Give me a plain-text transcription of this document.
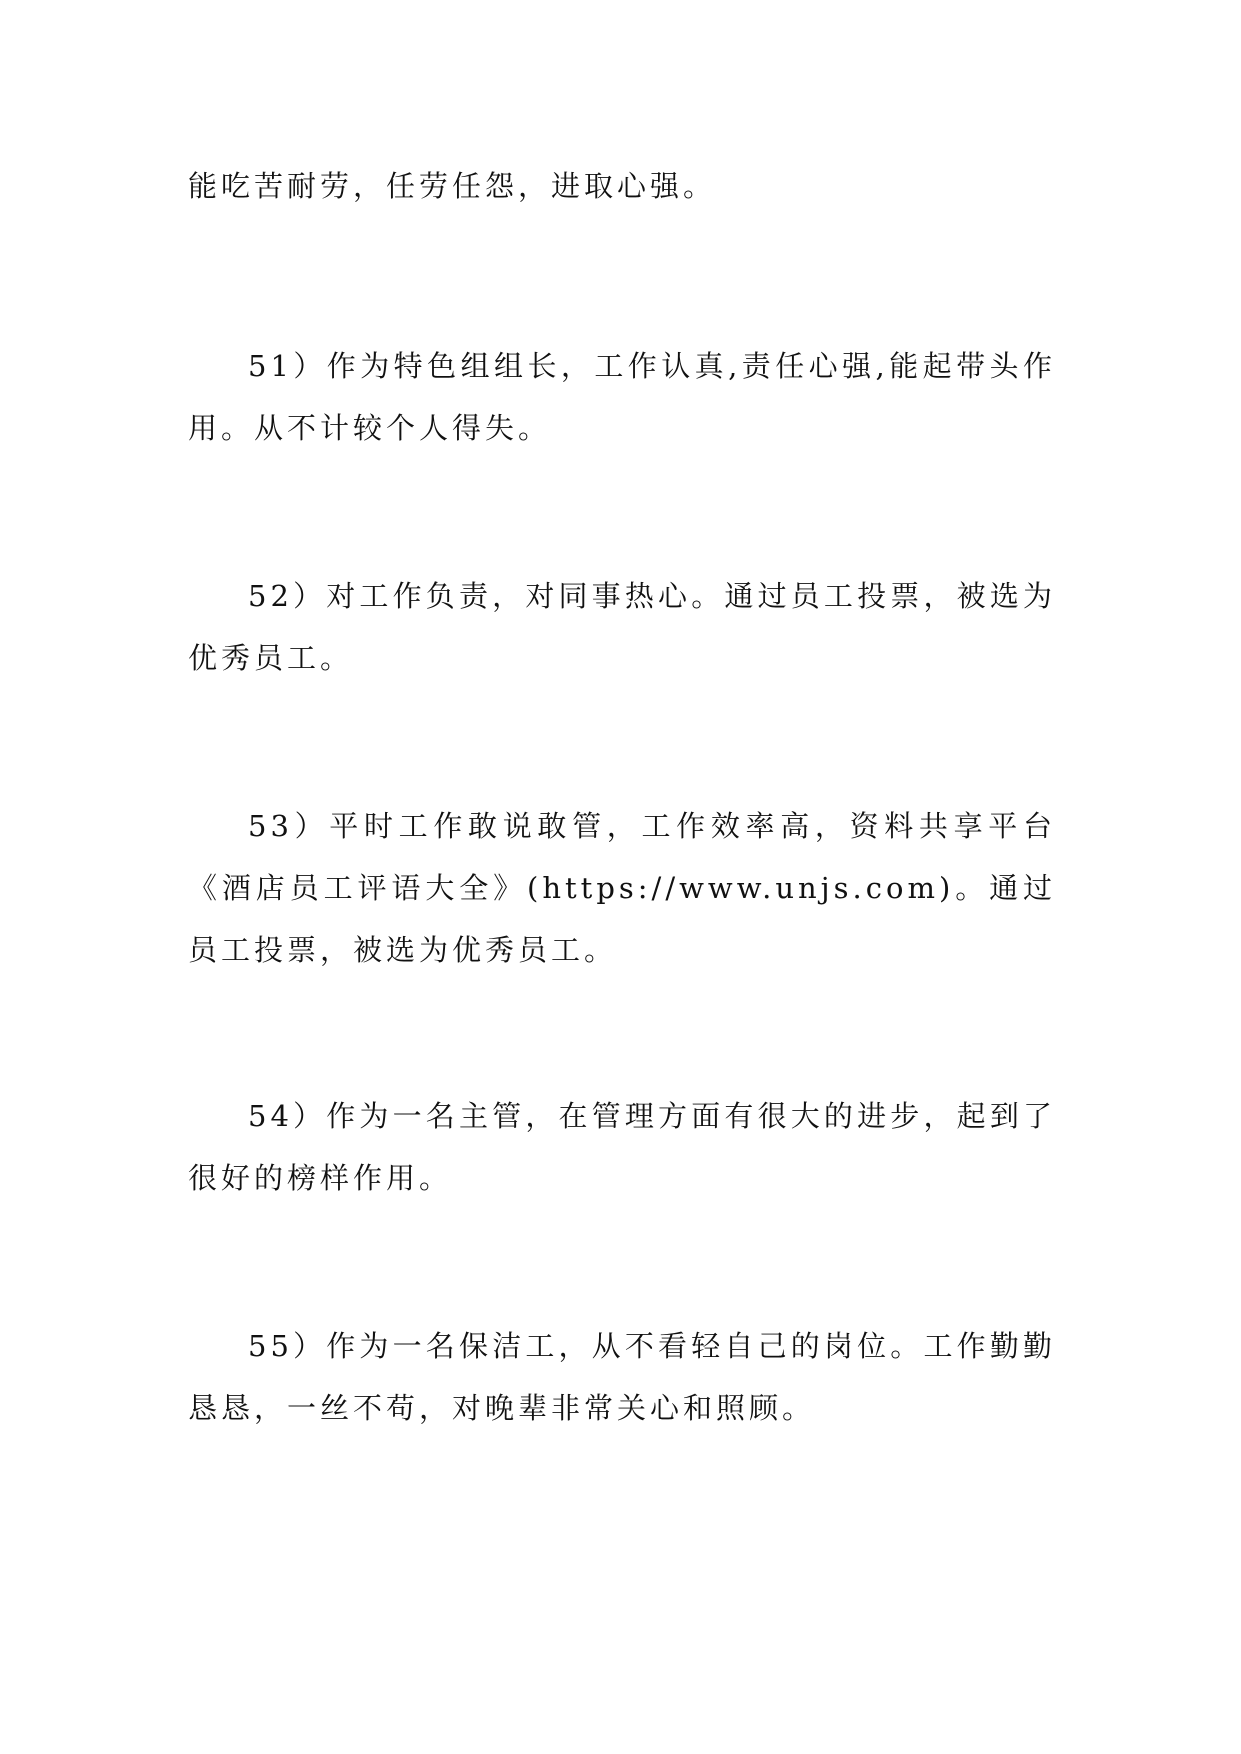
能吃苦耐劳，任劳任怨，进取心强。

51）作为特色组组长，工作认真,责任心强,能起带头作用。从不计较个人得失。

52）对工作负责，对同事热心。通过员工投票，被选为优秀员工。

53）平时工作敢说敢管，工作效率高，资料共享平台《酒店员工评语大全》(https://www.unjs.com)。通过员工投票，被选为优秀员工。

54）作为一名主管，在管理方面有很大的进步，起到了很好的榜样作用。

55）作为一名保洁工，从不看轻自己的岗位。工作勤勤恳恳，一丝不苟，对晚辈非常关心和照顾。
